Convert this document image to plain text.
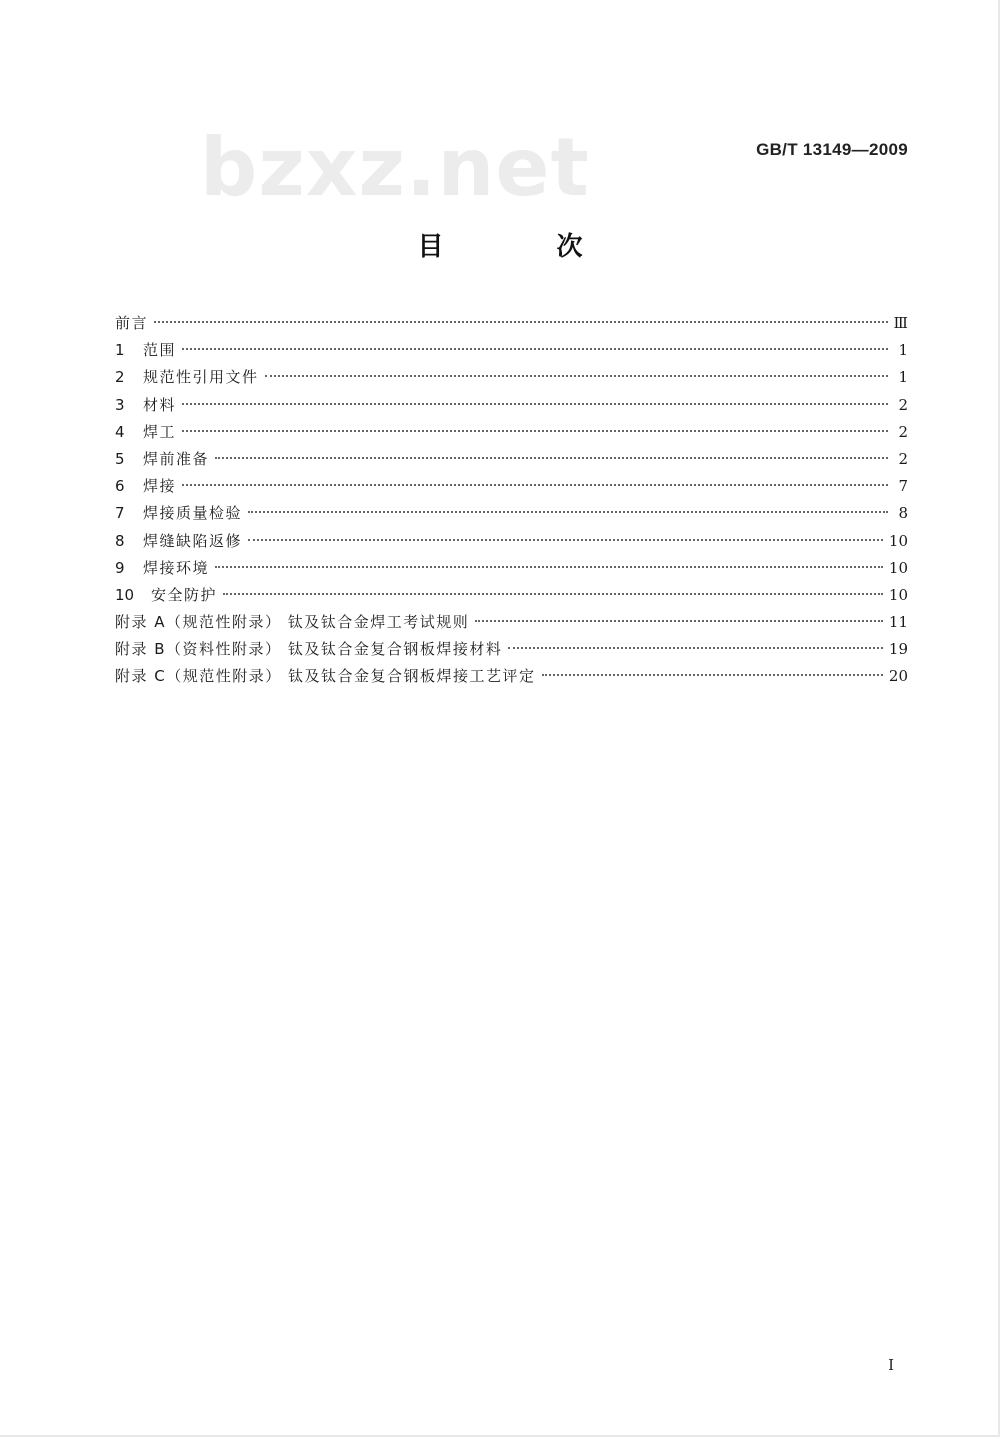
bzxz.net	GB/T 13149—2009
目 次
前言	Ⅲ
1	范围	1
2	规范性引用文件	1
3	材料	2
4	焊工	2
5	焊前准备	2
6	焊接	7
7	焊接质量检验	8
8	焊缝缺陷返修	10
9	焊接环境	10
10	安全防护	10
附录 A（规范性附录） 钛及钛合金焊工考试规则	11
附录 B（资料性附录） 钛及钛合金复合钢板焊接材料	19
附录 C（规范性附录） 钛及钛合金复合钢板焊接工艺评定	20
I
